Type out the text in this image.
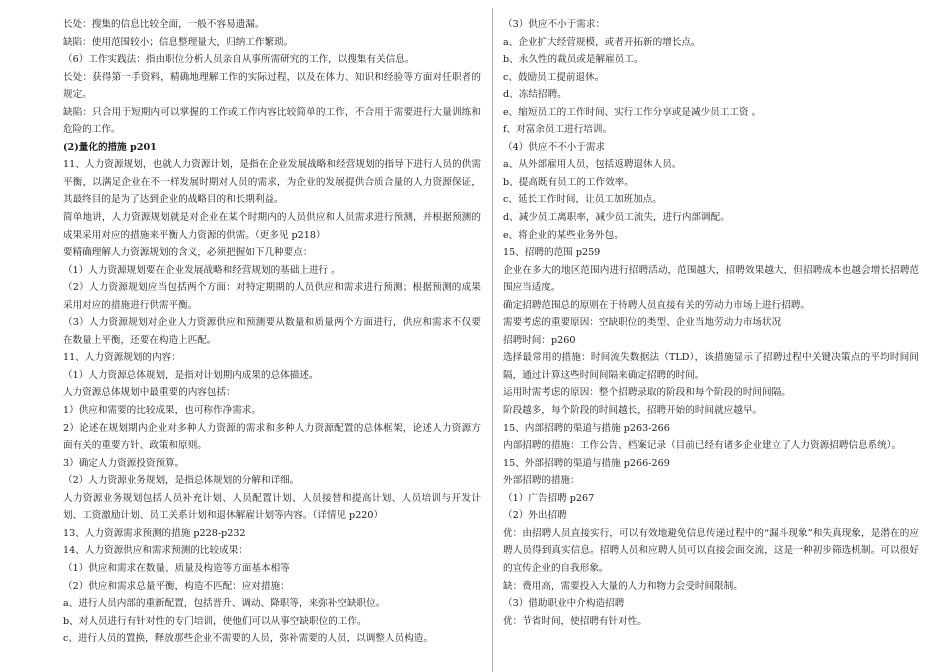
长处：搜集的信息比较全面，一般不容易遗漏。
缺陷：使用范围较小；信息整理量大，归纳工作繁琐。
（6）工作实践法：指由职位分析人员亲自从事所需研究的工作，以搜集有关信息。
长处：获得第一手资料，精确地理解工作的实际过程，以及在体力、知识和经验等方面对任职者的规定。
缺陷：只合用于短期内可以掌握的工作或工作内容比较简单的工作，不合用于需要进行大量训练和危险的工作。
(2)量化的措施 p201
11、人力资源规划，也就人力资源计划，是指在企业发展战略和经营规划的指导下进行人员的供需平衡，以满足企业在不一样发展时期对人员的需求，为企业的发展提供合质合量的人力资源保证，其最终目的是为了达到企业的战略目的和长期利益。
简单地讲，人力资源规划就是对企业在某个时期内的人员供应和人员需求进行预测，并根据预测的成果采用对应的措施来平衡人力资源的供需。（更多见 p218）
要精确理解人力资源规划的含义，必须把握如下几种要点：
（1）人力资源规划要在企业发展战略和经营规划的基础上进行 。
（2）人力资源规划应当包括两个方面：对特定期期的人员供应和需求进行预测；根据预测的成果采用对应的措施进行供需平衡。
（3）人力资源规划对企业人力资源供应和预测要从数量和质量两个方面进行，供应和需求不仅要在数量上平衡，还要在构造上匹配。
11、人力资源规划的内容：
（1）人力资源总体规划，是指对计划期内成果的总体描述。
人力资源总体规划中最重要的内容包括：
1）供应和需要的比较成果，也可称作净需求。
2）论述在规划期内企业对多种人力资源的需求和多种人力资源配置的总体框架，论述人力资源方面有关的重要方针、政策和原则。
3）确定人力资源投资预算。
（2）人力资源业务规划，是指总体规划的分解和详细。
人力资源业务规划包括人员补充计划、人员配置计划、人员接替和提高计划、人员培训与开发计划、工资激励计划、员工关系计划和退休解雇计划等内容。（详情见 p220）
13、人力资源需求预测的措施 p228-p232
14、人力资源供应和需求预测的比较成果：
（1）供应和需求在数量、质量及构造等方面基本相等
（2）供应和需求总量平衡，构造不匹配：应对措施：
a、进行人员内部的重新配置，包括晋升、调动、降职等，来弥补空缺职位。
b、对人员进行有针对性的专门培训，使他们可以从事空缺职位的工作。
c、进行人员的置换，释放那些企业不需要的人员，弥补需要的人员，以调整人员构造。
（3）供应不小于需求：
a、企业扩大经营规模，或者开拓新的增长点。
b、永久性的裁员或是解雇员工。
c、鼓励员工提前退休。
d、冻结招聘。
e、缩短员工的工作时间、实行工作分享或是减少员工工资 。
f、对富余员工进行培训。
（4）供应不不小于需求
a、从外部雇用人员，包括返聘退休人员。
b、提高既有员工的工作效率。
c、延长工作时间，让员工加班加点。
d、减少员工离职率，减少员工流失，进行内部调配。
e、将企业的某些业务外包。
15、招聘的范围 p259
企业在多大的地区范围内进行招聘活动，范围越大，招聘效果越大，但招聘成本也越会增长招聘范围应当适度。
确定招聘范围总的原则在于待聘人员直接有关的劳动力市场上进行招聘。
需要考虑的重要原因：空缺职位的类型、企业当地劳动力市场状况
招聘时间：p260
选择最常用的措施：时间流失数据法（TLD），该措施显示了招聘过程中关键决策点的平均时间间隔，通过计算这些时间间隔来确定招聘的时间。
运用时需考虑的原因：整个招聘录取的阶段和每个阶段的时间间隔。
阶段越多，每个阶段的时间越长，招聘开始的时间就应越早。
15、内部招聘的渠道与措施 p263-266
内部招聘的措施：工作公告、档案记录（目前已经有诸多企业建立了人力资源招聘信息系统）。
15、外部招聘的渠道与措施 p266-269
外部招聘的措施：
（1）广告招聘 p267
（2）外出招聘
优：由招聘人员直接实行，可以有效地避免信息传递过程中的“漏斗现象”和失真现象，是潜在的应聘人员得到真实信息。招聘人员和应聘人员可以直接会面交流，这是一种初步筛选机制。可以很好的宣传企业的自我形象。
缺：费用高，需要投入大量的人力和物力会受时间限制。
（3）借助职业中介构造招聘
优：节省时间，使招聘有针对性。
